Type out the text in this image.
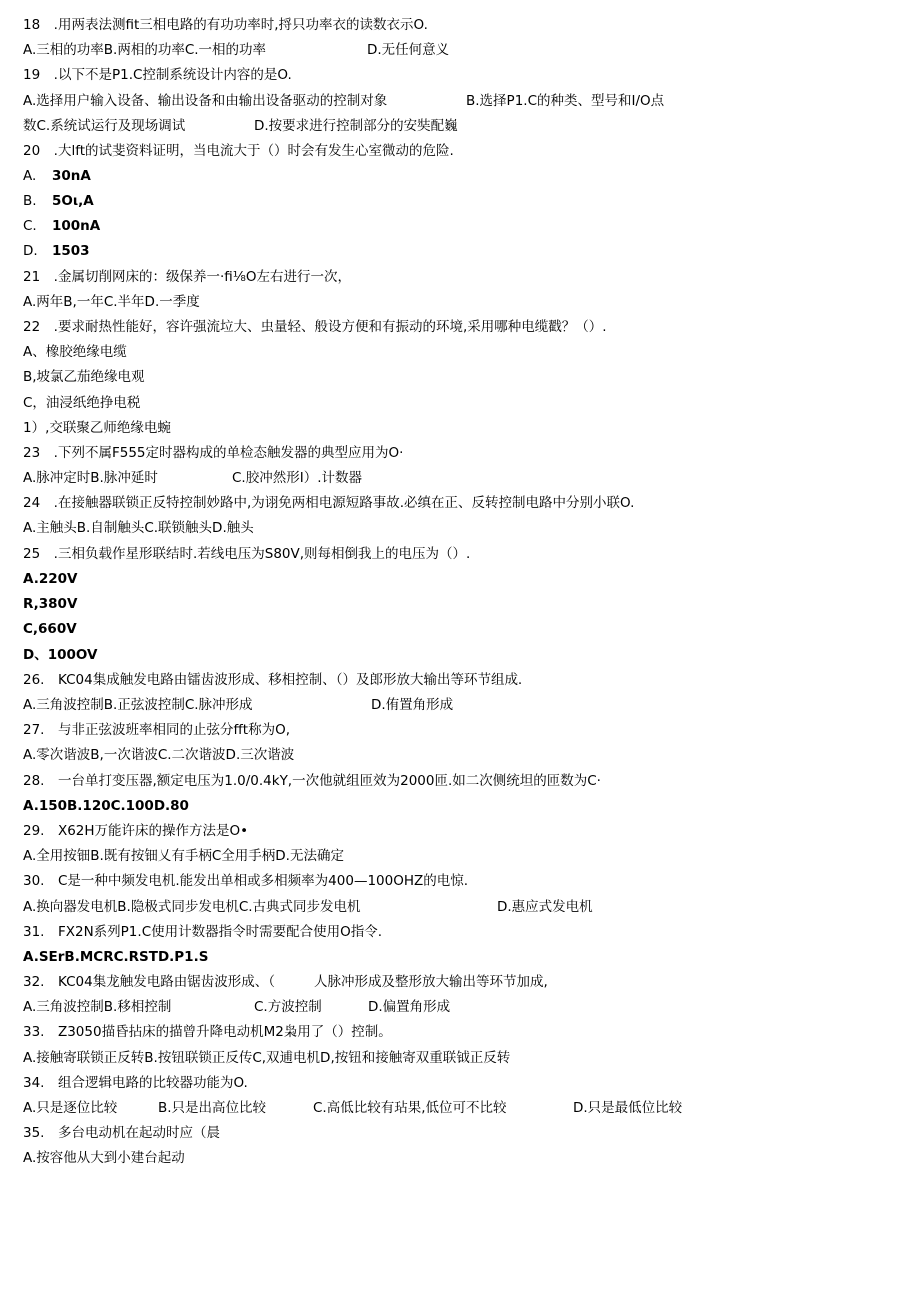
18　.用两表法测fit三相电路的有功功率时,捋只功率衣的读数衣示O.
A.三相的功率B.两相的功率C.一相的功率	D.无任何意义
19　.以下不是P1.C控制系统设计内容的是O.
A.选择用户输入设备、输出设备和由输出设备驱动的控制对象	B.选择P1.C的种类、型号和I/O点
数C.系统试运行及现场调试	D.按要求进行控制部分的安奘配巍
20　.大lft的试斐资料证明，当电流大于（）时会有发生心室微动的危险.
A. 30nA
B. 5Oι,A
C. 100nA
D. 1503
21　.金属切削网床的：级保养一·fi⅛O左右进行一次，
A.两年B,一年C.半年D.一季度
22　.要求耐热性能好，容许强流垃大、虫量轻、般设方便和有振动的环境,采用哪种电缆戳？（）.
A、橡胶绝缘电缆
B,坡氯乙茄绝缘电观
C，油浸纸绝挣电税
1）,交联聚乙师绝缘电蜿
23　.下列不属F555定时器构成的单检态触发器的典型应用为O·
A.脉冲定时B.脉冲延时	C.胶冲然形I）.计数器
24　.在接触器联锁正反特控制妙路中,为诩免两相电源短路事故.必缜在正、反转控制电路中分别小联O.
A.主触头B.自制触头C.联锁触头D.触头
25　.三相负载作星形联结时.若线电压为S80V,则每相倒我上的电压为（）.
A.220V
R,380V
C,660V
D、100OV
26.　KC04集成触发电路由镭齿波形成、移相控制、（）及郎形放大输出等环节组成.
A.三角波控制B.正弦波控制C.脉冲形成	D.侑置角形成
27.　与非正弦波班率相同的止弦分fft称为O,
A.零次谐波B,一次谐波C.二次谐波D.三次谐波
28.　一台单打变压器,额定电压为1.0/0.4kY,一次他就组匝效为2000匝.如二次侧统坦的匝数为C·
A.150B.120C.100D.80
29.　X62H万能许床的操作方法是O•
A.全用按钿B.既有按钿乂有手柄C全用手柄D.无法确定
30.　C是一种中频发电机.能发出单相或多相频率为400—100OHZ的电惊.
A.换向器发电机B.隐极式同步发电机C.古典式同步发电机	D.惠应式发电机
31.　FX2N系列P1.C使用计数器指令时需要配合使用O指令.
A.SErB.MCRC.RSTD.P1.S
32.　KC04集龙触发电路由锯齿波形成、（	人脉冲形成及整形放大输出等环节加成,
A.三角波控制B.移相控制	C.方波控制	D.偏置角形成
33.　Z3050描昏拈床的描曾升降电动机M2枭用了（）控制。
A.接触寄联锁正反转B.按钮联锁正反传C,双逋电机D,按钮和接触寄双重联钺正反转
34.　组合逻辑电路的比较器功能为O.
A.只是逐位比较	B.只是出高位比较	C.高低比较有玷果,低位可不比较	D.只是最低位比较
35.　多台电动机在起动时应（晨
A.按容他从大到小建台起动
